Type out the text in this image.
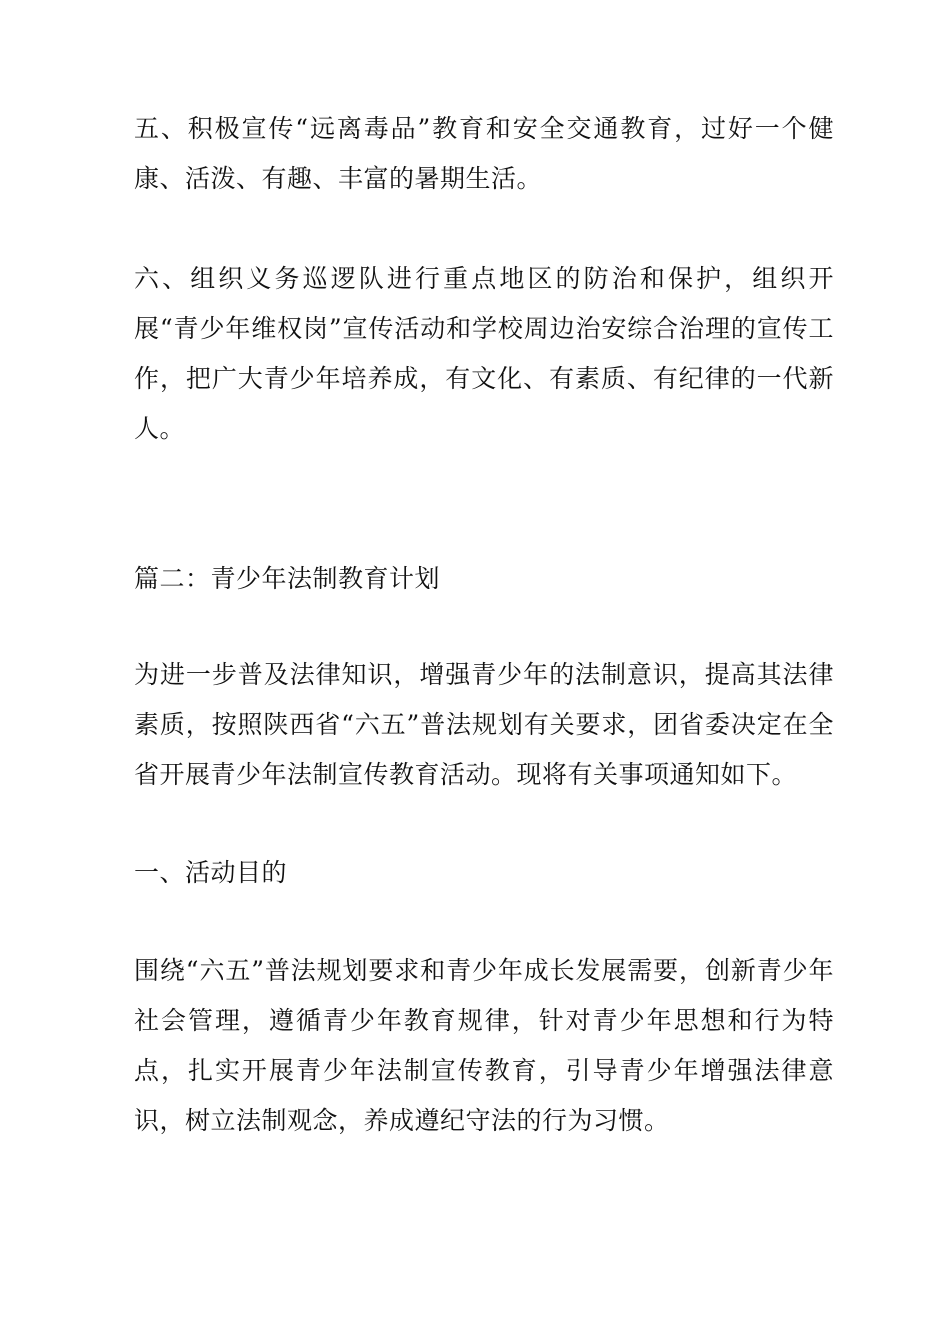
五、积极宣传“远离毒品”教育和安全交通教育，过好一个健康、活泼、有趣、丰富的暑期生活。

六、组织义务巡逻队进行重点地区的防治和保护，组织开展“青少年维权岗”宣传活动和学校周边治安综合治理的宣传工作，把广大青少年培养成，有文化、有素质、有纪律的一代新人。

篇二：青少年法制教育计划

为进一步普及法律知识，增强青少年的法制意识，提高其法律素质，按照陕西省“六五”普法规划有关要求，团省委决定在全省开展青少年法制宣传教育活动。现将有关事项通知如下。

一、活动目的

围绕“六五”普法规划要求和青少年成长发展需要，创新青少年社会管理，遵循青少年教育规律，针对青少年思想和行为特点，扎实开展青少年法制宣传教育，引导青少年增强法律意识，树立法制观念，养成遵纪守法的行为习惯。
